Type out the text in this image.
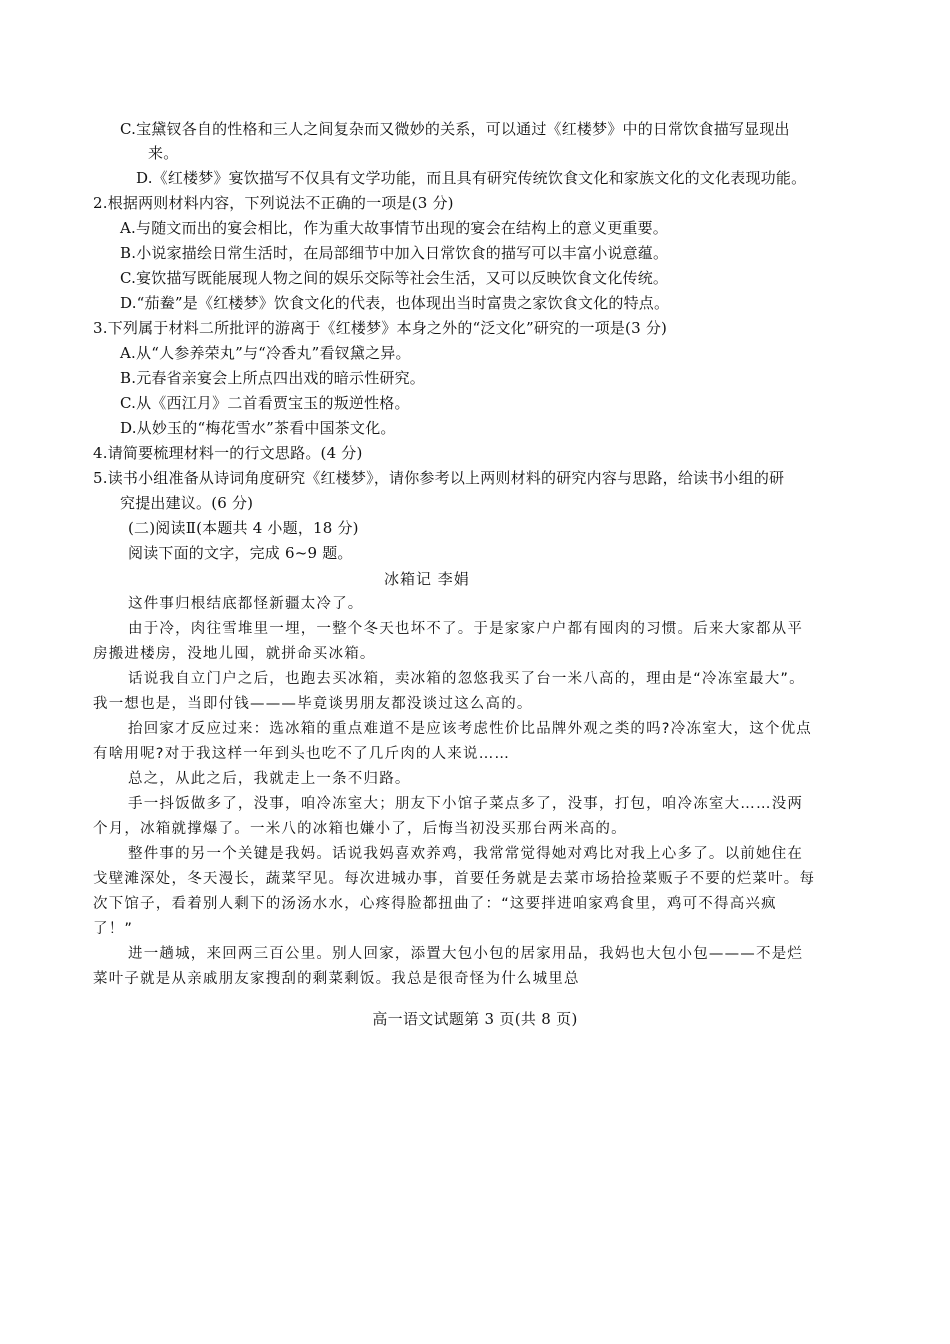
C.宝黛钗各自的性格和三人之间复杂而又微妙的关系，可以通过《红楼梦》中的日常饮食描写显现出
来。
D.《红楼梦》宴饮描写不仅具有文学功能，而且具有研究传统饮食文化和家族文化的文化表现功能。
2.根据两则材料内容，下列说法不正确的一项是(3 分)
A.与随文而出的宴会相比，作为重大故事情节出现的宴会在结构上的意义更重要。
B.小说家描绘日常生活时，在局部细节中加入日常饮食的描写可以丰富小说意蕴。
C.宴饮描写既能展现人物之间的娱乐交际等社会生活，又可以反映饮食文化传统。
D.“茄鲞”是《红楼梦》饮食文化的代表，也体现出当时富贵之家饮食文化的特点。
3.下列属于材料二所批评的游离于《红楼梦》本身之外的“泛文化”研究的一项是(3 分)
A.从“人参养荣丸”与“冷香丸”看钗黛之异。
B.元春省亲宴会上所点四出戏的暗示性研究。
C.从《西江月》二首看贾宝玉的叛逆性格。
D.从妙玉的“梅花雪水”茶看中国茶文化。
4.请简要梳理材料一的行文思路。(4 分)
5.读书小组准备从诗词角度研究《红楼梦》，请你参考以上两则材料的研究内容与思路，给读书小组的研
究提出建议。(6 分)
(二)阅读Ⅱ(本题共 4 小题，18 分)
阅读下面的文字，完成 6~9 题。
冰箱记 李娟
这件事归根结底都怪新疆太冷了。
由于冷，肉往雪堆里一埋，一整个冬天也坏不了。于是家家户户都有囤肉的习惯。后来大家都从平
房搬进楼房，没地儿囤，就拼命买冰箱。
话说我自立门户之后，也跑去买冰箱，卖冰箱的忽悠我买了台一米八高的，理由是“冷冻室最大”。
我一想也是，当即付钱———毕竟谈男朋友都没谈过这么高的。
抬回家才反应过来：选冰箱的重点难道不是应该考虑性价比品牌外观之类的吗?冷冻室大，这个优点
有啥用呢?对于我这样一年到头也吃不了几斤肉的人来说……
总之，从此之后，我就走上一条不归路。
手一抖饭做多了，没事，咱冷冻室大；朋友下小馆子菜点多了，没事，打包，咱冷冻室大……没两
个月，冰箱就撑爆了。一米八的冰箱也嫌小了，后悔当初没买那台两米高的。
整件事的另一个关键是我妈。话说我妈喜欢养鸡，我常常觉得她对鸡比对我上心多了。以前她住在
戈壁滩深处，冬天漫长，蔬菜罕见。每次进城办事，首要任务就是去菜市场拾捡菜贩子不要的烂菜叶。每
次下馆子，看着别人剩下的汤汤水水，心疼得脸都扭曲了：“这要拌进咱家鸡食里，鸡可不得高兴疯
了！”
进一趟城，来回两三百公里。别人回家，添置大包小包的居家用品，我妈也大包小包———不是烂
菜叶子就是从亲戚朋友家搜刮的剩菜剩饭。我总是很奇怪为什么城里总
高一语文试题第 3 页(共 8 页)
